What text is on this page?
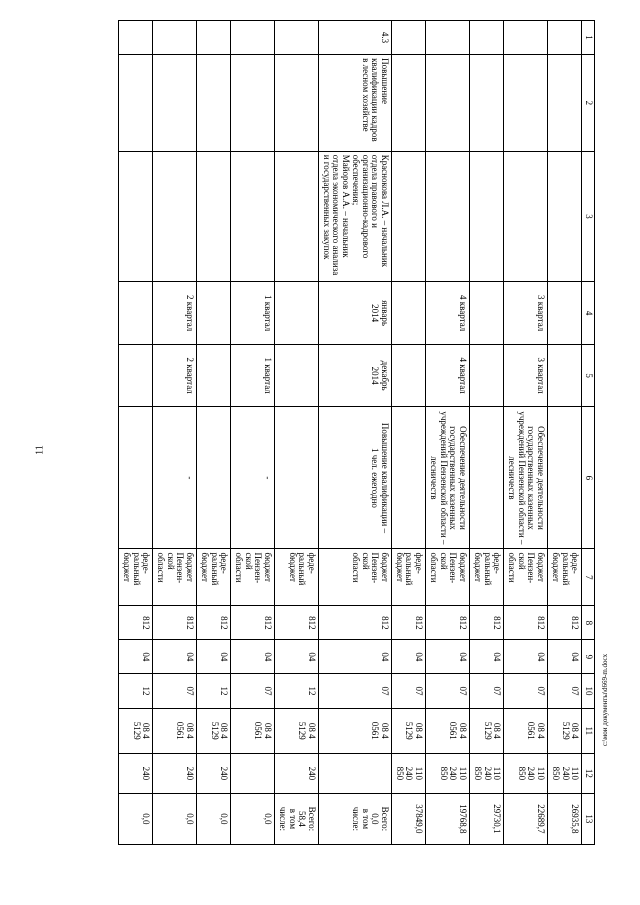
11
1	2	3	4	5	6	7	8	9	10	11	12	13
						феде-
ральный
бюджет	812	04	07	08 4
5129	110
240
850	26935,8
			3 квартал	3 квартал	Обеспечение деятельности государственных казенных учреждений Пензенской области – лесничеств	бюджет
Пензен-
ской
области	812	04	07	08 4
0561	110
240
850	22689,7
						феде-
ральный
бюджет	812	04	07	08 4
5129	110
240
850	29730,1
			4 квартал	4 квартал	Обеспечение деятельности государственных казенных учреждений Пензенской области – лесничеств	бюджет
Пензен-
ской
области	812	04	07	08 4
0561	110
240
850	19768,8
						феде-
ральный
бюджет	812	04	07	08 4
5129	110
240
850	37849,0
4.3	Повышение квалификации кадров в лесном хозяйстве	Краснокова Л.А. – начальник отдела правового и организационно-кадрового обеспечения;
Майоров А.А. – начальник отдела экономического анализа и государственных закупок	январь
2014	декабрь
2014	Повышение квалификации –
1 чел. ежегодно	бюджет
Пензен-
ской
области	812	04	07	08 4
0561		Всего:
0,0
в том
числе:
						феде-
ральный
бюджет	812	04	12	08 4
5129	240	Всего:
58,4
в том
числе:
			1 квартал	1 квартал	-	бюджет
Пензен-
ской
области	812	04	07	08 4
0561		0,0
						феде-
ральный
бюджет	812	04	12	08 4
5129	240	0,0
			2 квартал	2 квартал	-	бюджет
Пензен-
ской
области	812	04	07	08 4
0561	240	0,0
						феде-
ральный
бюджет	812	04	12	08 4
5129	240	0,0
c:\мои документы\d669-m.docx
